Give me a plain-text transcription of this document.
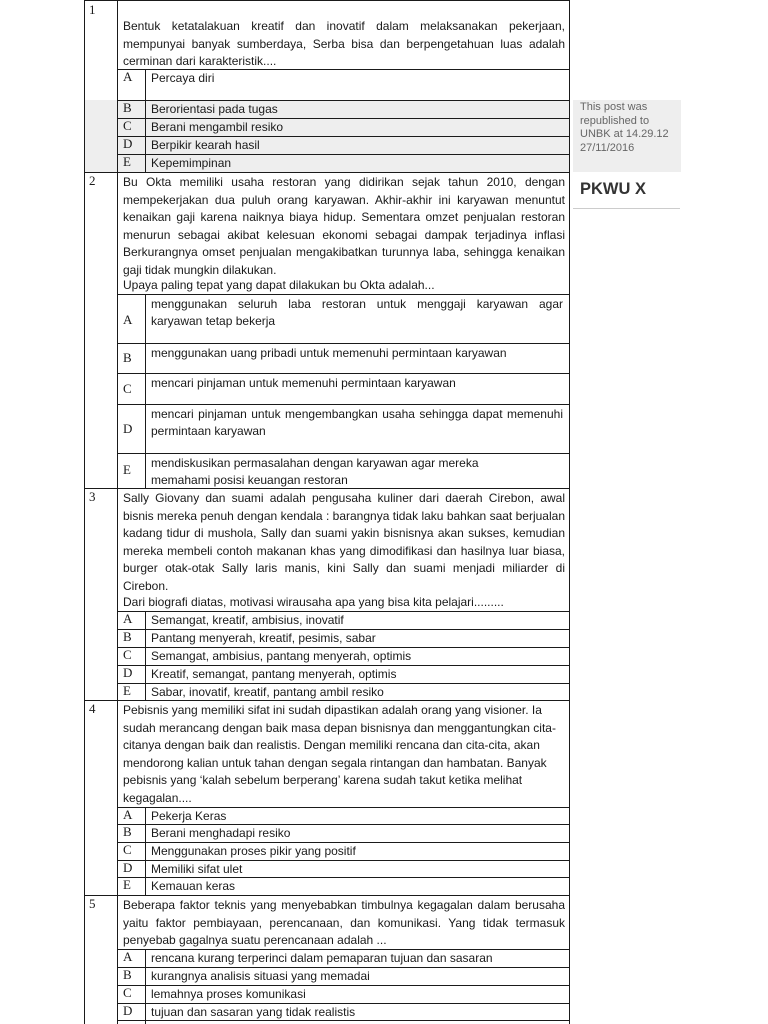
1
Bentuk ketatalakuan kreatif dan inovatif dalam melaksanakan pekerjaan, mempunyai banyak sumberdaya, Serba bisa dan berpengetahuan luas adalah cerminan dari karakteristik....
A Percaya diri
B Berorientasi pada tugas
C Berani mengambil resiko
D Berpikir kearah hasil
E Kepemimpinan
2 Bu Okta memiliki usaha restoran yang didirikan sejak tahun 2010, dengan mempekerjakan dua puluh orang karyawan. Akhir-akhir ini karyawan menuntut kenaikan gaji karena naiknya biaya hidup. Sementara omzet penjualan restoran menurun sebagai akibat kelesuan ekonomi sebagai dampak terjadinya inflasi Berkurangnya omset penjualan mengakibatkan turunnya laba, sehingga kenaikan gaji tidak mungkin dilakukan.
Upaya paling tepat yang dapat dilakukan bu Okta adalah...
A
menggunakan seluruh laba restoran untuk menggaji karyawan agar karyawan tetap bekerja
B menggunakan uang pribadi untuk memenuhi permintaan karyawan
C mencari pinjaman untuk memenuhi permintaan karyawan
D
mencari pinjaman untuk mengembangkan usaha sehingga dapat memenuhi permintaan karyawan
E mendiskusikan permasalahan dengan karyawan agar mereka memahami posisi keuangan restoran
3 Sally Giovany dan suami adalah pengusaha kuliner dari daerah Cirebon, awal bisnis mereka penuh dengan kendala : barangnya tidak laku bahkan saat berjualan kadang tidur di mushola, Sally dan suami yakin bisnisnya akan sukses, kemudian mereka membeli contoh makanan khas yang dimodifikasi dan hasilnya luar biasa, burger otak-otak Sally laris manis, kini Sally dan suami menjadi miliarder di Cirebon.
Dari biografi diatas, motivasi wirausaha apa yang bisa kita pelajari.........
A Semangat, kreatif, ambisius, inovatif
B Pantang menyerah, kreatif, pesimis, sabar
C Semangat, ambisius, pantang menyerah, optimis
D Kreatif, semangat, pantang menyerah, optimis
E Sabar, inovatif, kreatif, pantang ambil resiko
4 Pebisnis yang memiliki sifat ini sudah dipastikan adalah orang yang visioner. Ia sudah merancang dengan baik masa depan bisnisnya dan menggantungkan cita- citanya dengan baik dan realistis. Dengan memiliki rencana dan cita-cita, akan mendorong kalian untuk tahan dengan segala rintangan dan hambatan. Banyak pebisnis yang ‘kalah sebelum berperang’ karena sudah takut ketika melihat kegagalan....
A Pekerja Keras
B Berani menghadapi resiko
C Menggunakan proses pikir yang positif
D Memiliki sifat ulet
E Kemauan keras
5 Beberapa faktor teknis yang menyebabkan timbulnya kegagalan dalam berusaha yaitu faktor pembiayaan, perencanaan, dan komunikasi. Yang tidak termasuk penyebab gagalnya suatu perencanaan adalah ...
A rencana kurang terperinci dalam pemaparan tujuan dan sasaran
B kurangnya analisis situasi yang memadai
C lemahnya proses komunikasi
D tujuan dan sasaran yang tidak realistis
This post was republished to UNBK at 14.29.12 27/11/2016
PKWU X
